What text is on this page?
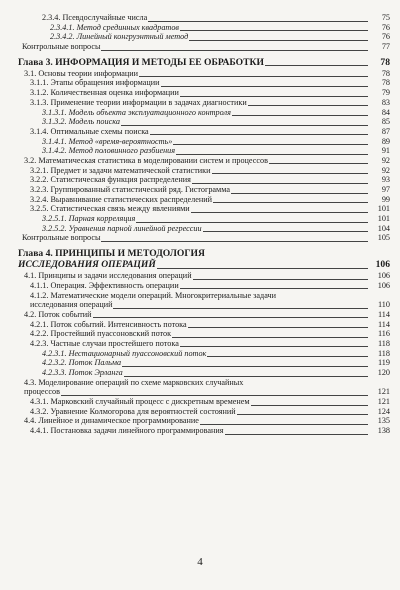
2.3.4. Псевдослучайные числа	75
2.3.4.1. Метод срединных квадратов	76
2.3.4.2. Линейный конгруэнтный метод	76
Контрольные вопросы	77
Глава 3. ИНФОРМАЦИЯ И МЕТОДЫ ЕЕ ОБРАБОТКИ	78
3.1. Основы теории информации	78
3.1.1. Этапы обращения информации	78
3.1.2. Количественная оценка информации	79
3.1.3. Применение теории информации в задачах диагностики	83
3.1.3.1. Модель объекта эксплуатационного контроля	84
3.1.3.2. Модель поиска	85
3.1.4. Оптимальные схемы поиска	87
3.1.4.1. Метод «время-вероятность»	89
3.1.4.2. Метод половинного разбиения	91
3.2. Математическая статистика в моделировании систем и процессов	92
3.2.1. Предмет и задачи математической статистики	92
3.2.2. Статистическая функция распределения	93
3.2.3. Группированный статистический ряд. Гистограмма	97
3.2.4. Выравнивание статистических распределений	99
3.2.5. Статистическая связь между явлениями	101
3.2.5.1. Парная корреляция	101
3.2.5.2. Уравнения парной линейной регрессии	104
Контрольные вопросы	105
Глава 4. ПРИНЦИПЫ И МЕТОДОЛОГИЯ
ИССЛЕДОВАНИЯ ОПЕРАЦИЙ	106
4.1. Принципы и задачи исследования операций	106
4.1.1. Операция. Эффективность операции	106
4.1.2. Математические модели операций. Многокритериальные задачи
исследования операций	110
4.2. Поток событий	114
4.2.1. Поток событий. Интенсивность потока	114
4.2.2. Простейший пуассоновский поток	116
4.2.3. Частные случаи простейшего потока	118
4.2.3.1. Нестационарный пуассоновский поток	118
4.2.3.2. Поток Пальма	119
4.2.3.3. Поток Эрланга	120
4.3. Моделирование операций по схеме марковских случайных
процессов	121
4.3.1. Марковский случайный процесс с дискретным временем	121
4.3.2. Уравнение Колмогорова для вероятностей состояний	124
4.4. Линейное и динамическое программирование	135
4.4.1. Постановка задачи линейного программирования	138
4
